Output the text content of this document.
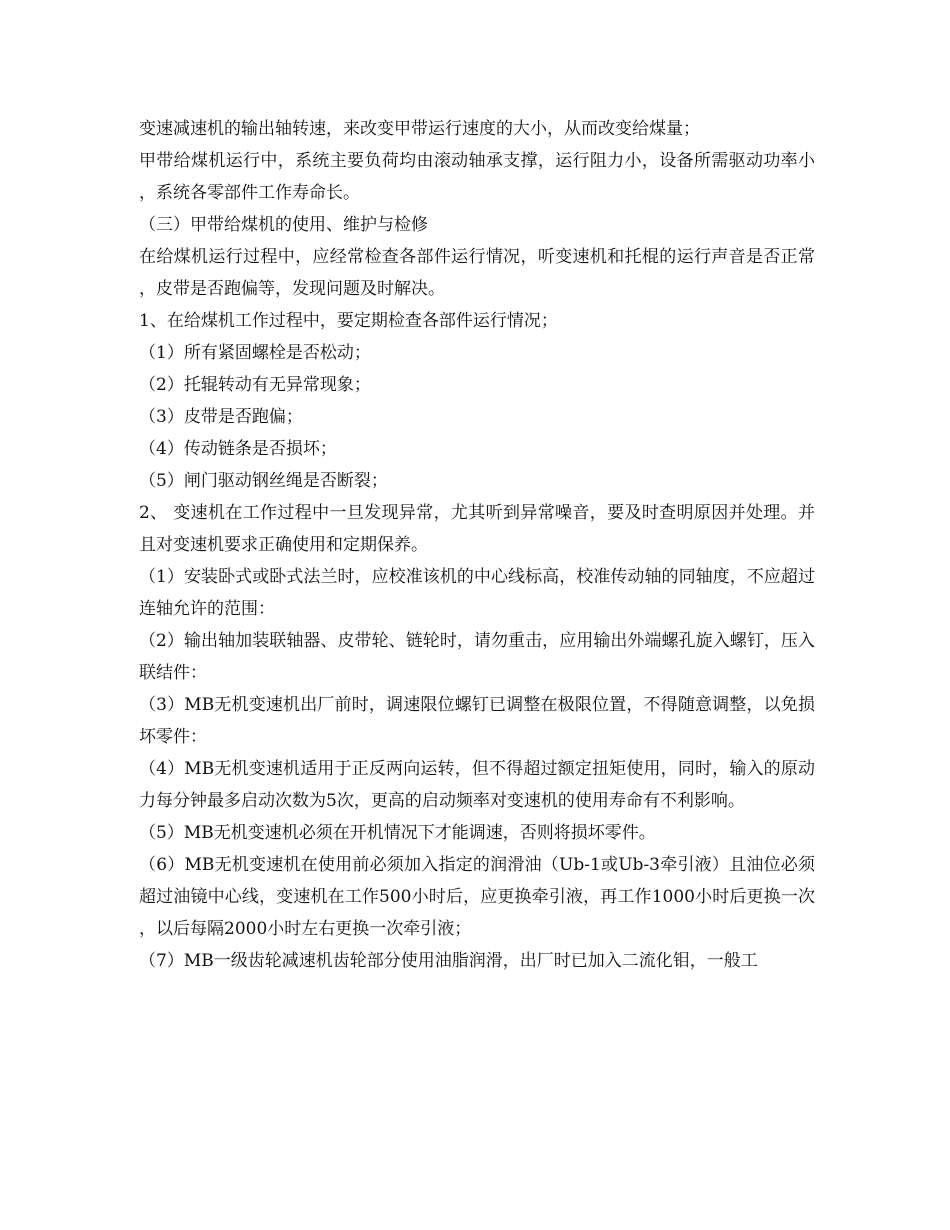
变速减速机的输出轴转速，来改变甲带运行速度的大小，从而改变给煤量；

甲带给煤机运行中，系统主要负荷均由滚动轴承支撑，运行阻力小，设备所需驱动功率小，系统各零部件工作寿命长。

（三）甲带给煤机的使用、维护与检修

在给煤机运行过程中，应经常检查各部件运行情况，听变速机和托棍的运行声音是否正常，皮带是否跑偏等，发现问题及时解决。

1、在给煤机工作过程中，要定期检查各部件运行情况；

（1）所有紧固螺栓是否松动；

（2）托辊转动有无异常现象；

（3）皮带是否跑偏；

（4）传动链条是否损坏；

（5）闸门驱动钢丝绳是否断裂；

2、 变速机在工作过程中一旦发现异常，尤其听到异常噪音，要及时查明原因并处理。并且对变速机要求正确使用和定期保养。

（1）安装卧式或卧式法兰时，应校准该机的中心线标高，校准传动轴的同轴度，不应超过连轴允许的范围：

（2）输出轴加装联轴器、皮带轮、链轮时，请勿重击，应用输出外端螺孔旋入螺钉，压入联结件：

（3）MB无机变速机出厂前时，调速限位螺钉已调整在极限位置，不得随意调整，以免损坏零件：

（4）MB无机变速机适用于正反两向运转，但不得超过额定扭矩使用，同时，输入的原动力每分钟最多启动次数为5次，更高的启动频率对变速机的使用寿命有不利影响。

（5）MB无机变速机必须在开机情况下才能调速，否则将损坏零件。

（6）MB无机变速机在使用前必须加入指定的润滑油（Ub-1或Ub-3牵引液）且油位必须超过油镜中心线，变速机在工作500小时后，应更换牵引液，再工作1000小时后更换一次，以后每隔2000小时左右更换一次牵引液；

（7）MB一级齿轮减速机齿轮部分使用油脂润滑，出厂时已加入二流化钼，一般工
